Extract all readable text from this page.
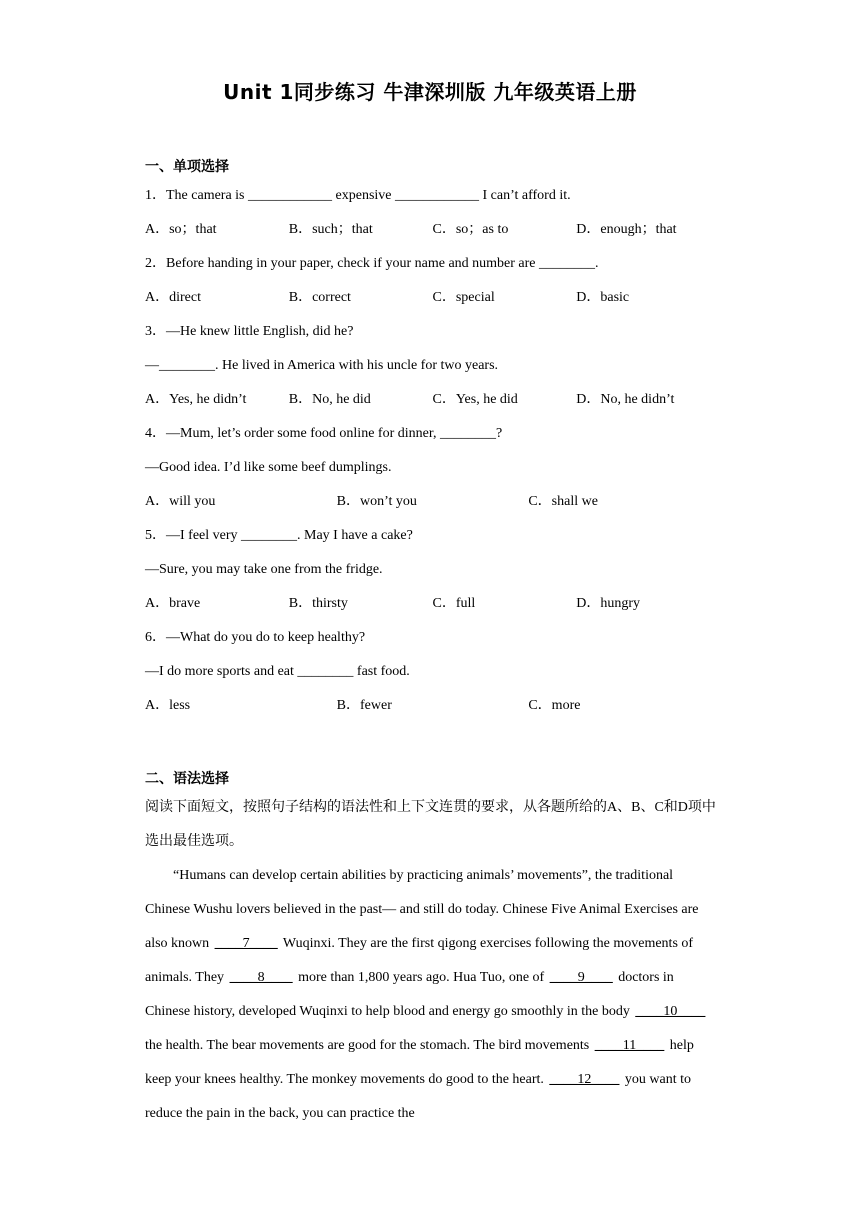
Unit 1同步练习 牛津深圳版 九年级英语上册
一、单项选择
1．The camera is ____________ expensive ____________ I can’t afford it.
A．so；that	B．such；that	C．so；as to	D．enough；that
2．Before handing in your paper, check if your name and number are ________.
A．direct	B．correct	C．special	D．basic
3．—He knew little English, did he?
—________. He lived in America with his uncle for two years.
A．Yes, he didn’t	B．No, he did	C．Yes, he did	D．No, he didn’t
4．—Mum, let’s order some food online for dinner, ________?
—Good idea. I’d like some beef dumplings.
A．will you	B．won’t you	C．shall we
5．—I feel very ________. May I have a cake?
—Sure, you may take one from the fridge.
A．brave	B．thirsty	C．full	D．hungry
6．—What do you do to keep healthy?
—I do more sports and eat ________ fast food.
A．less	B．fewer	C．more
二、语法选择

阅读下面短文，按照句子结构的语法性和上下文连贯的要求，从各题所给的A、B、C和D项中选出最佳选项。

“Humans can develop certain abilities by practicing animals’ movements”, the traditional Chinese Wushu lovers believed in the past— and still do today. Chinese Five Animal Exercises are also known ____7____ Wuqinxi. They are the first qigong exercises following the movements of animals. They ____8____ more than 1,800 years ago. Hua Tuo, one of ____9____ doctors in Chinese history, developed Wuqinxi to help blood and energy go smoothly in the body ____10____ the health. The bear movements are good for the stomach. The bird movements ____11____ help keep your knees healthy. The monkey movements do good to the heart. ____12____ you want to reduce the pain in the back, you can practice the
